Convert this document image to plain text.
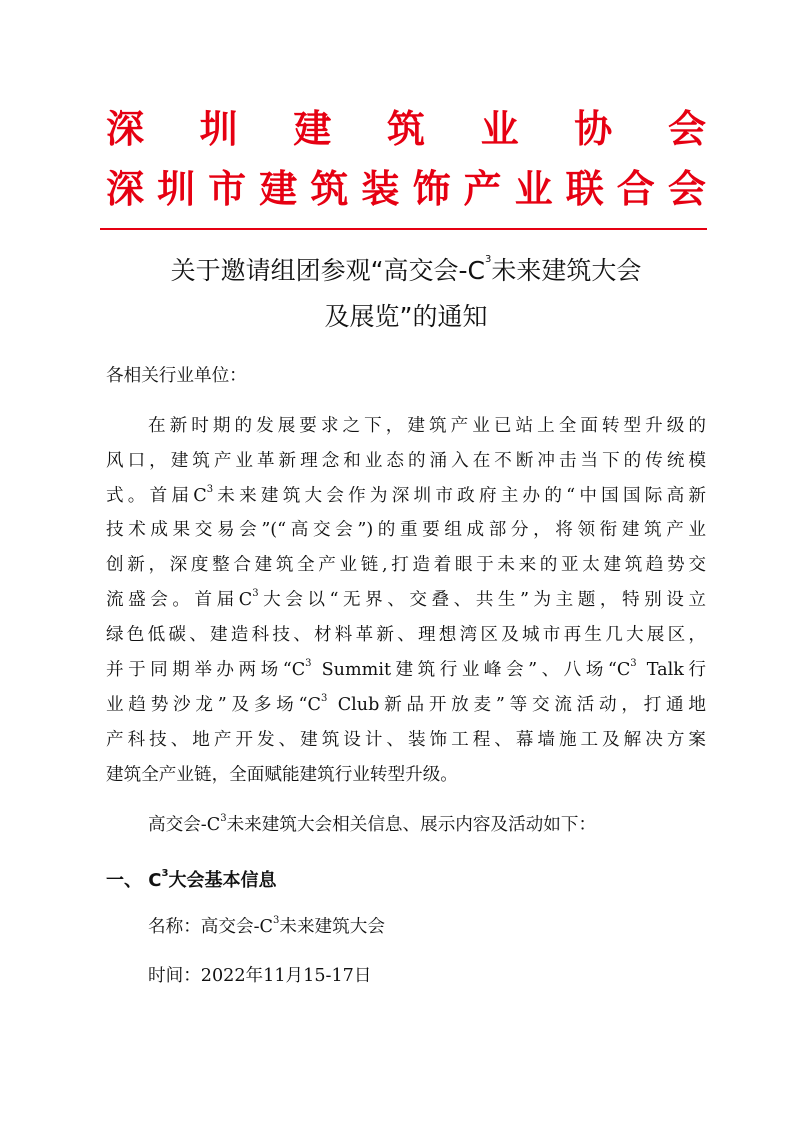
深 圳 建 筑 业 协 会
深 圳 市 建 筑 装 饰 产 业 联 合 会
关于邀请组团参观“高交会$-C^3$未来建筑大会
及展览”的通知
各相关行业单位：
在新时期的发展要求之下，建筑产业已站上全面转型升级的
风口，建筑产业革新理念和业态的涌入在不断冲击当下的传统模
式。首届$C^3$未来建筑大会作为深圳市政府主办的“中国国际高新
技术成果交易会”(“高交会”)的重要组成部分，将领衔建筑产业
创新，深度整合建筑全产业链,打造着眼于未来的亚太建筑趋势交
流盛会。首届$C^3$大会以“无界、交叠、共生”为主题，特别设立
绿色低碳、建造科技、材料革新、理想湾区及城市再生几大展区，
并于同期举办两场“$C^3$ Summit建筑行业峰会”、八场“$C^3$ Talk行
业趋势沙龙”及多场“$C^3$ Club新品开放麦”等交流活动，打通地
产科技、地产开发、建筑设计、装饰工程、幕墙施工及解决方案
建筑全产业链，全面赋能建筑行业转型升级。
高交会$-C^3$未来建筑大会相关信息、展示内容及活动如下：
一、 $C^3$大会基本信息
名称：高交会$-C^3$未来建筑大会
时间：2022年11月15-17日
